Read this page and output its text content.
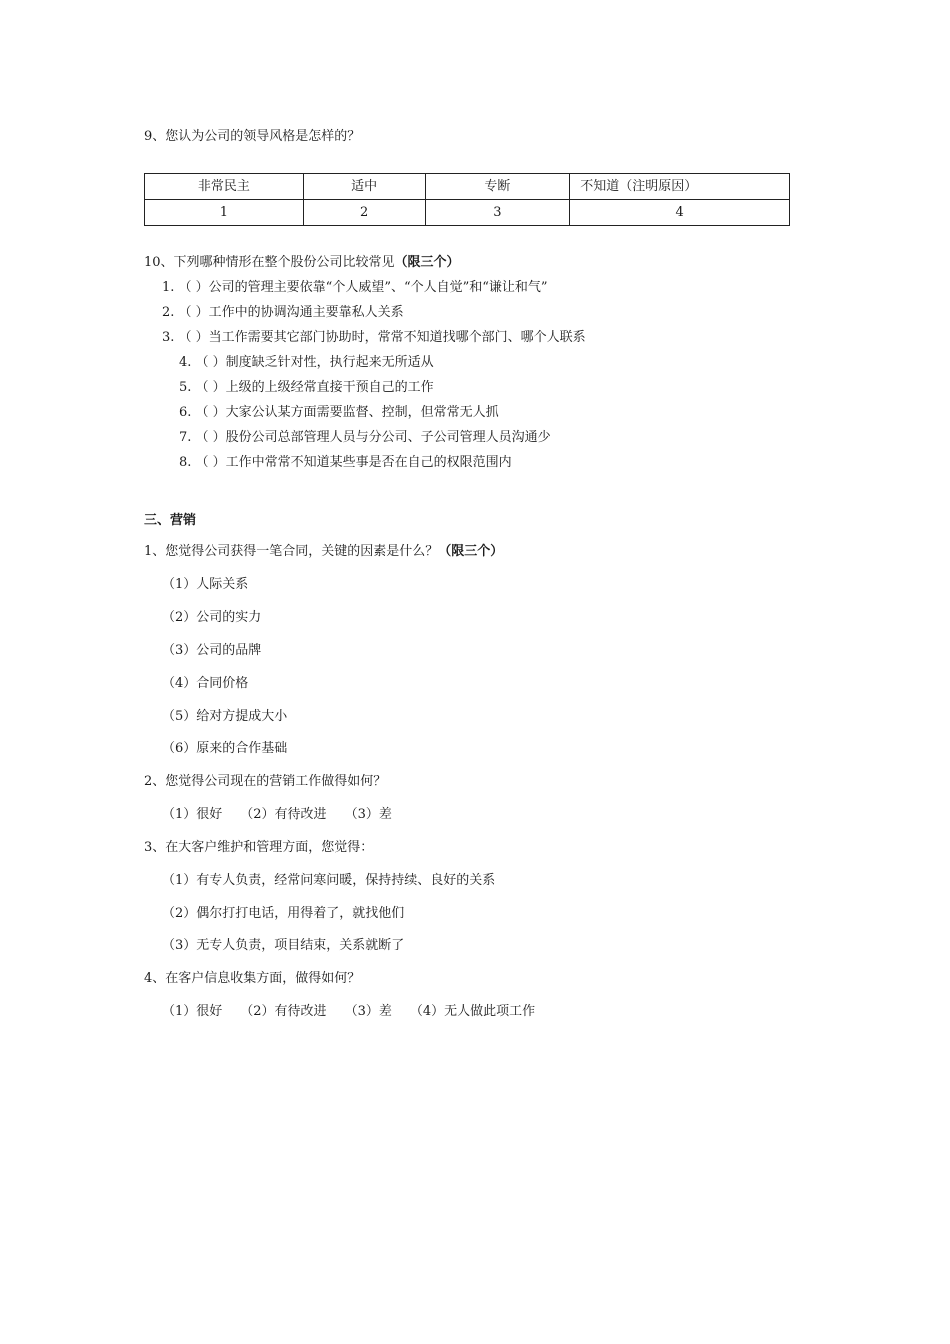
9、您认为公司的领导风格是怎样的？
非常民主	适中	专断	不知道（注明原因）
1	2	3	4
10、下列哪种情形在整个股份公司比较常见（限三个）
1. （ ）公司的管理主要依靠“个人威望”、“个人自觉”和“谦让和气”
2. （ ）工作中的协调沟通主要靠私人关系
3. （ ）当工作需要其它部门协助时，常常不知道找哪个部门、哪个人联系
4. （ ）制度缺乏针对性，执行起来无所适从
5. （ ）上级的上级经常直接干预自己的工作
6. （ ）大家公认某方面需要监督、控制，但常常无人抓
7. （ ）股份公司总部管理人员与分公司、子公司管理人员沟通少
8. （ ）工作中常常不知道某些事是否在自己的权限范围内
三、营销
1、您觉得公司获得一笔合同，关键的因素是什么？（限三个）
（1）人际关系
（2）公司的实力
（3）公司的品牌
（4）合同价格
（5）给对方提成大小
（6）原来的合作基础
2、您觉得公司现在的营销工作做得如何？
（1）很好 （2）有待改进 （3）差
3、在大客户维护和管理方面，您觉得：
（1）有专人负责，经常问寒问暖，保持持续、良好的关系
（2）偶尔打打电话，用得着了，就找他们
（3）无专人负责，项目结束，关系就断了
4、在客户信息收集方面，做得如何？
（1）很好 （2）有待改进 （3）差 （4）无人做此项工作
